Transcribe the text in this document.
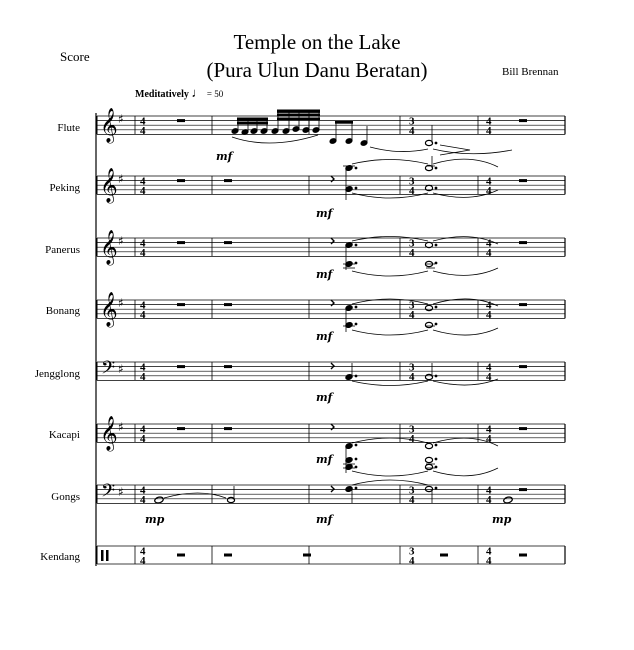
Temple on the Lake
(Pura Ulun Danu Beratan)
Score
Bill Brennan
Meditatively ♩ = 50
Flute
Peking
Panerus
Bonang
Jengglong
Kacapi
Gongs
Kendang
mf
mf
mf
mf
mf
mf
mp	mf	mp
𝄞 ♯
𝄞 ♯
𝄞 ♯
𝄞 ♯
𝄢 ♯
𝄞 ♯
𝄢 ♯
4
4
3
4
4
4
4
4
3
4
4
4
4
4
3
4
4
4
4
4
3
4
4
4
4
4
3
4
4
4
4
4
3
4
4
4
4
4
3
4
4
4
4
4
3
4
4
4
